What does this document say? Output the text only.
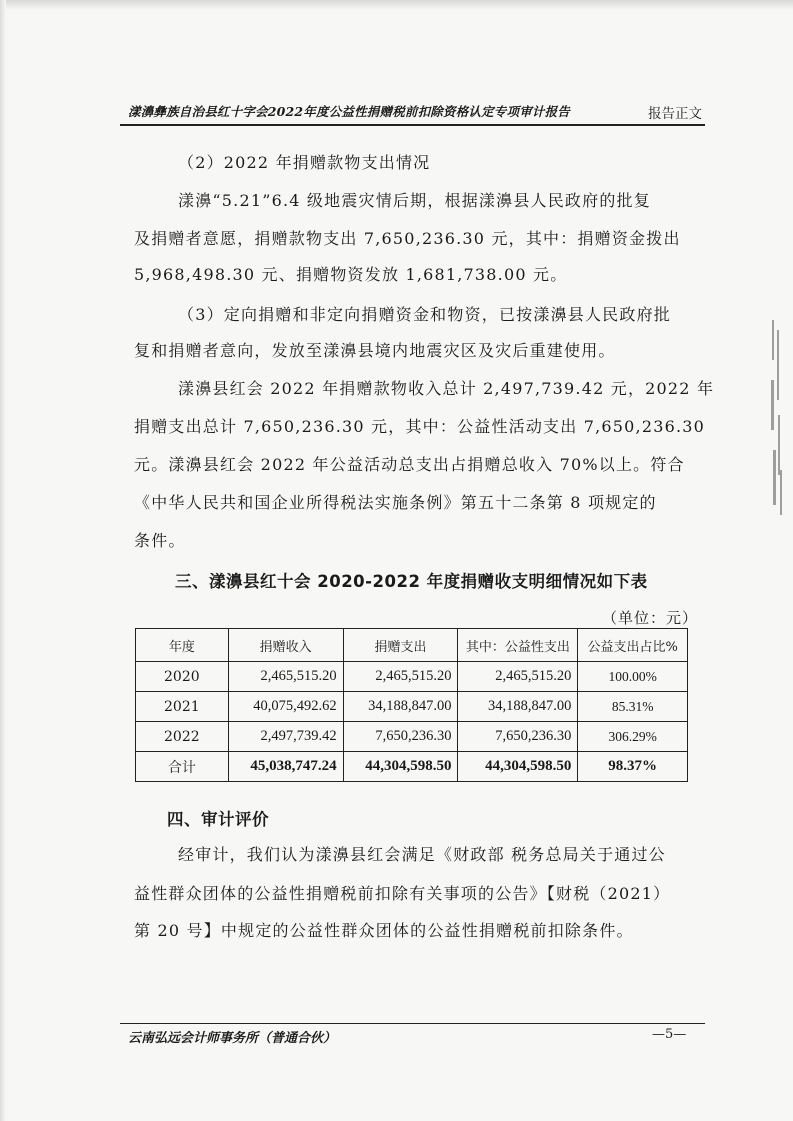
漾濞彝族自治县红十字会2022年度公益性捐赠税前扣除资格认定专项审计报告	报告正文
（2）2022 年捐赠款物支出情况
漾濞“5.21”6.4 级地震灾情后期，根据漾濞县人民政府的批复
及捐赠者意愿，捐赠款物支出 7,650,236.30 元，其中：捐赠资金拨出
5,968,498.30 元、捐赠物资发放 1,681,738.00 元。
（3）定向捐赠和非定向捐赠资金和物资，已按漾濞县人民政府批
复和捐赠者意向，发放至漾濞县境内地震灾区及灾后重建使用。
漾濞县红会 2022 年捐赠款物收入总计 2,497,739.42 元，2022 年
捐赠支出总计 7,650,236.30 元，其中：公益性活动支出 7,650,236.30
元。漾濞县红会 2022 年公益活动总支出占捐赠总收入 70%以上。符合
《中华人民共和国企业所得税法实施条例》第五十二条第 8 项规定的
条件。
三、漾濞县红十会 2020-2022 年度捐赠收支明细情况如下表
（单位：元）
年度	捐赠收入	捐赠支出	其中：公益性支出	公益支出占比%
2020	2,465,515.20	2,465,515.20	2,465,515.20	100.00%
2021	40,075,492.62	34,188,847.00	34,188,847.00	85.31%
2022	2,497,739.42	7,650,236.30	7,650,236.30	306.29%
合计	45,038,747.24	44,304,598.50	44,304,598.50	98.37%
四、审计评价
经审计，我们认为漾濞县红会满足《财政部 税务总局关于通过公
益性群众团体的公益性捐赠税前扣除有关事项的公告》【财税（2021）
第 20 号】中规定的公益性群众团体的公益性捐赠税前扣除条件。
云南弘远会计师事务所（普通合伙）	—5—
